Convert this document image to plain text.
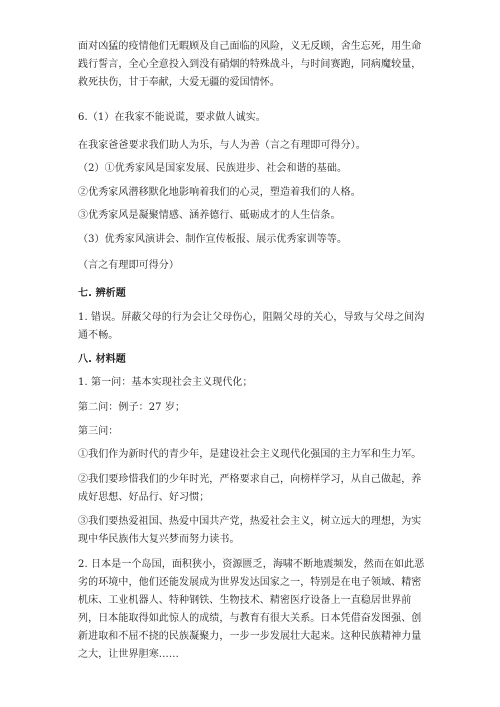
面对凶猛的疫情他们无暇顾及自己面临的风险，义无反顾，舍生忘死，用生命
践行誓言，全心全意投入到没有硝烟的特殊战斗，与时间赛跑，同病魔较量，
救死扶伤，甘于奉献，大爱无疆的爱国情怀。
6.（1）在我家不能说谎，要求做人诚实。
在我家爸爸要求我们助人为乐，与人为善（言之有理即可得分）。
（2）①优秀家风是国家发展、民族进步、社会和谐的基础。
②优秀家风潜移默化地影响着我们的心灵，塑造着我们的人格。
③优秀家风是凝聚情感、涵养德行、砥砺成才的人生信条。
（3）优秀家风演讲会、制作宣传板报、展示优秀家训等等。
（言之有理即可得分）
七. 辨析题
1. 错误。屏蔽父母的行为会让父母伤心，阻隔父母的关心，导致与父母之间沟
通不畅。
八. 材料题
1. 第一问：基本实现社会主义现代化；
第二问：例子：27 岁；
第三问：
①我们作为新时代的青少年，是建设社会主义现代化强国的主力军和生力军。
②我们要珍惜我们的少年时光，严格要求自己，向榜样学习，从自己做起，养
成好思想、好品行、好习惯；
③我们要热爱祖国、热爱中国共产党，热爱社会主义，树立远大的理想，为实
现中华民族伟大复兴梦而努力读书。
2. 日本是一个岛国，面积狭小，资源匮乏，海啸不断地震频发，然而在如此恶
劣的环境中，他们还能发展成为世界发达国家之一，特别是在电子领域、精密
机床、工业机器人、特种钢铁、生物技术、精密医疗设备上一直稳居世界前
列，日本能取得如此惊人的成绩，与教育有很大关系。日本凭借奋发图强、创
新进取和不屈不挠的民族凝聚力，一步一步发展壮大起来。这种民族精神力量
之大，让世界胆寒……
